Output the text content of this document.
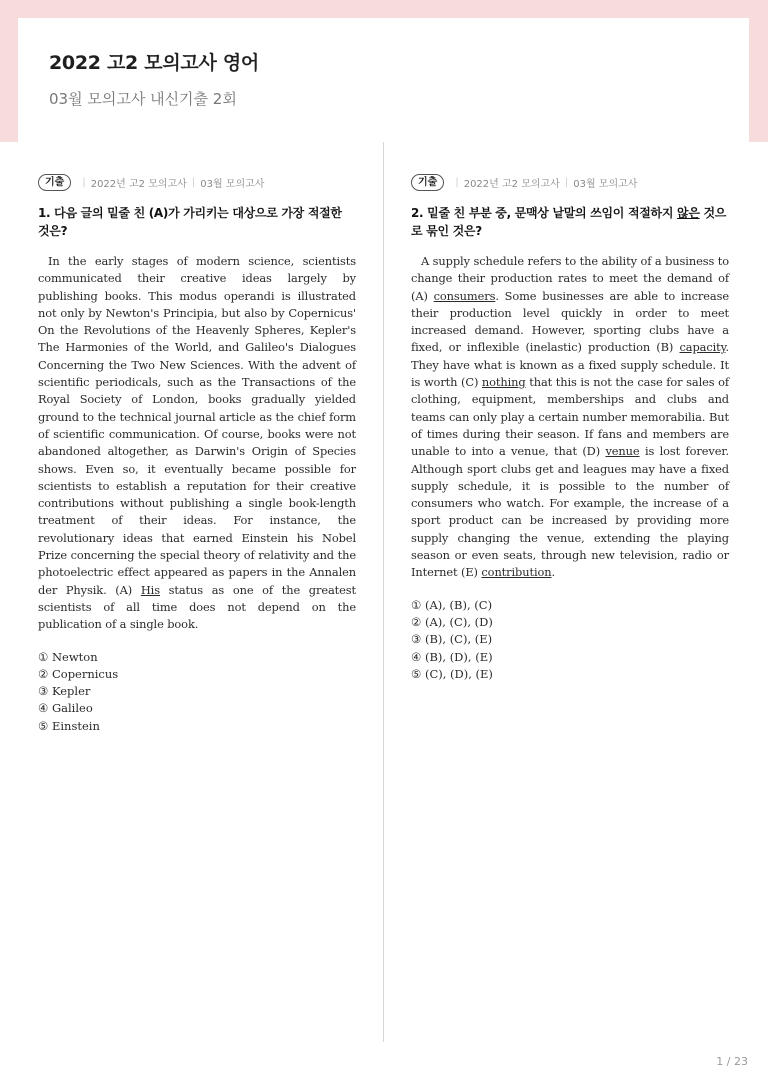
2022 고2 모의고사 영어
03월 모의고사 내신기출 2회
기출	| 2022년 고2 모의고사 | 03월 모의고사
1. 다음 글의 밑줄 친 (A)가 가리키는 대상으로 가장 적절한 것은?
In the early stages of modern science, scientists communicated their creative ideas largely by publishing books. This modus operandi is illustrated not only by Newton's Principia, but also by Copernicus' On the Revolutions of the Heavenly Spheres, Kepler's The Harmonies of the World, and Galileo's Dialogues Concerning the Two New Sciences. With the advent of scientific periodicals, such as the Transactions of the Royal Society of London, books gradually yielded ground to the technical journal article as the chief form of scientific communication. Of course, books were not abandoned altogether, as Darwin's Origin of Species shows. Even so, it eventually became possible for scientists to establish a reputation for their creative contributions without publishing a single book-length treatment of their ideas. For instance, the revolutionary ideas that earned Einstein his Nobel Prize concerning the special theory of relativity and the photoelectric effect appeared as papers in the Annalen der Physik. (A) His status as one of the greatest scientists of all time does not depend on the publication of a single book.
① Newton
② Copernicus
③ Kepler
④ Galileo
⑤ Einstein
기출	| 2022년 고2 모의고사 | 03월 모의고사
2. 밑줄 친 부분 중, 문맥상 낱말의 쓰임이 적절하지 않은 것으로 묶인 것은?
A supply schedule refers to the ability of a business to change their production rates to meet the demand of (A) consumers. Some businesses are able to increase their production level quickly in order to meet increased demand. However, sporting clubs have a fixed, or inflexible (inelastic) production (B) capacity. They have what is known as a fixed supply schedule. It is worth (C) nothing that this is not the case for sales of clothing, equipment, memberships and clubs and teams can only play a certain number memorabilia. But of times during their season. If fans and members are unable to into a venue, that (D) venue is lost forever. Although sport clubs get and leagues may have a fixed supply schedule, it is possible to the number of consumers who watch. For example, the increase of a sport product can be increased by providing more supply changing the venue, extending the playing season or even seats, through new television, radio or Internet (E) contribution.
① (A), (B), (C)
② (A), (C), (D)
③ (B), (C), (E)
④ (B), (D), (E)
⑤ (C), (D), (E)
1 / 23
